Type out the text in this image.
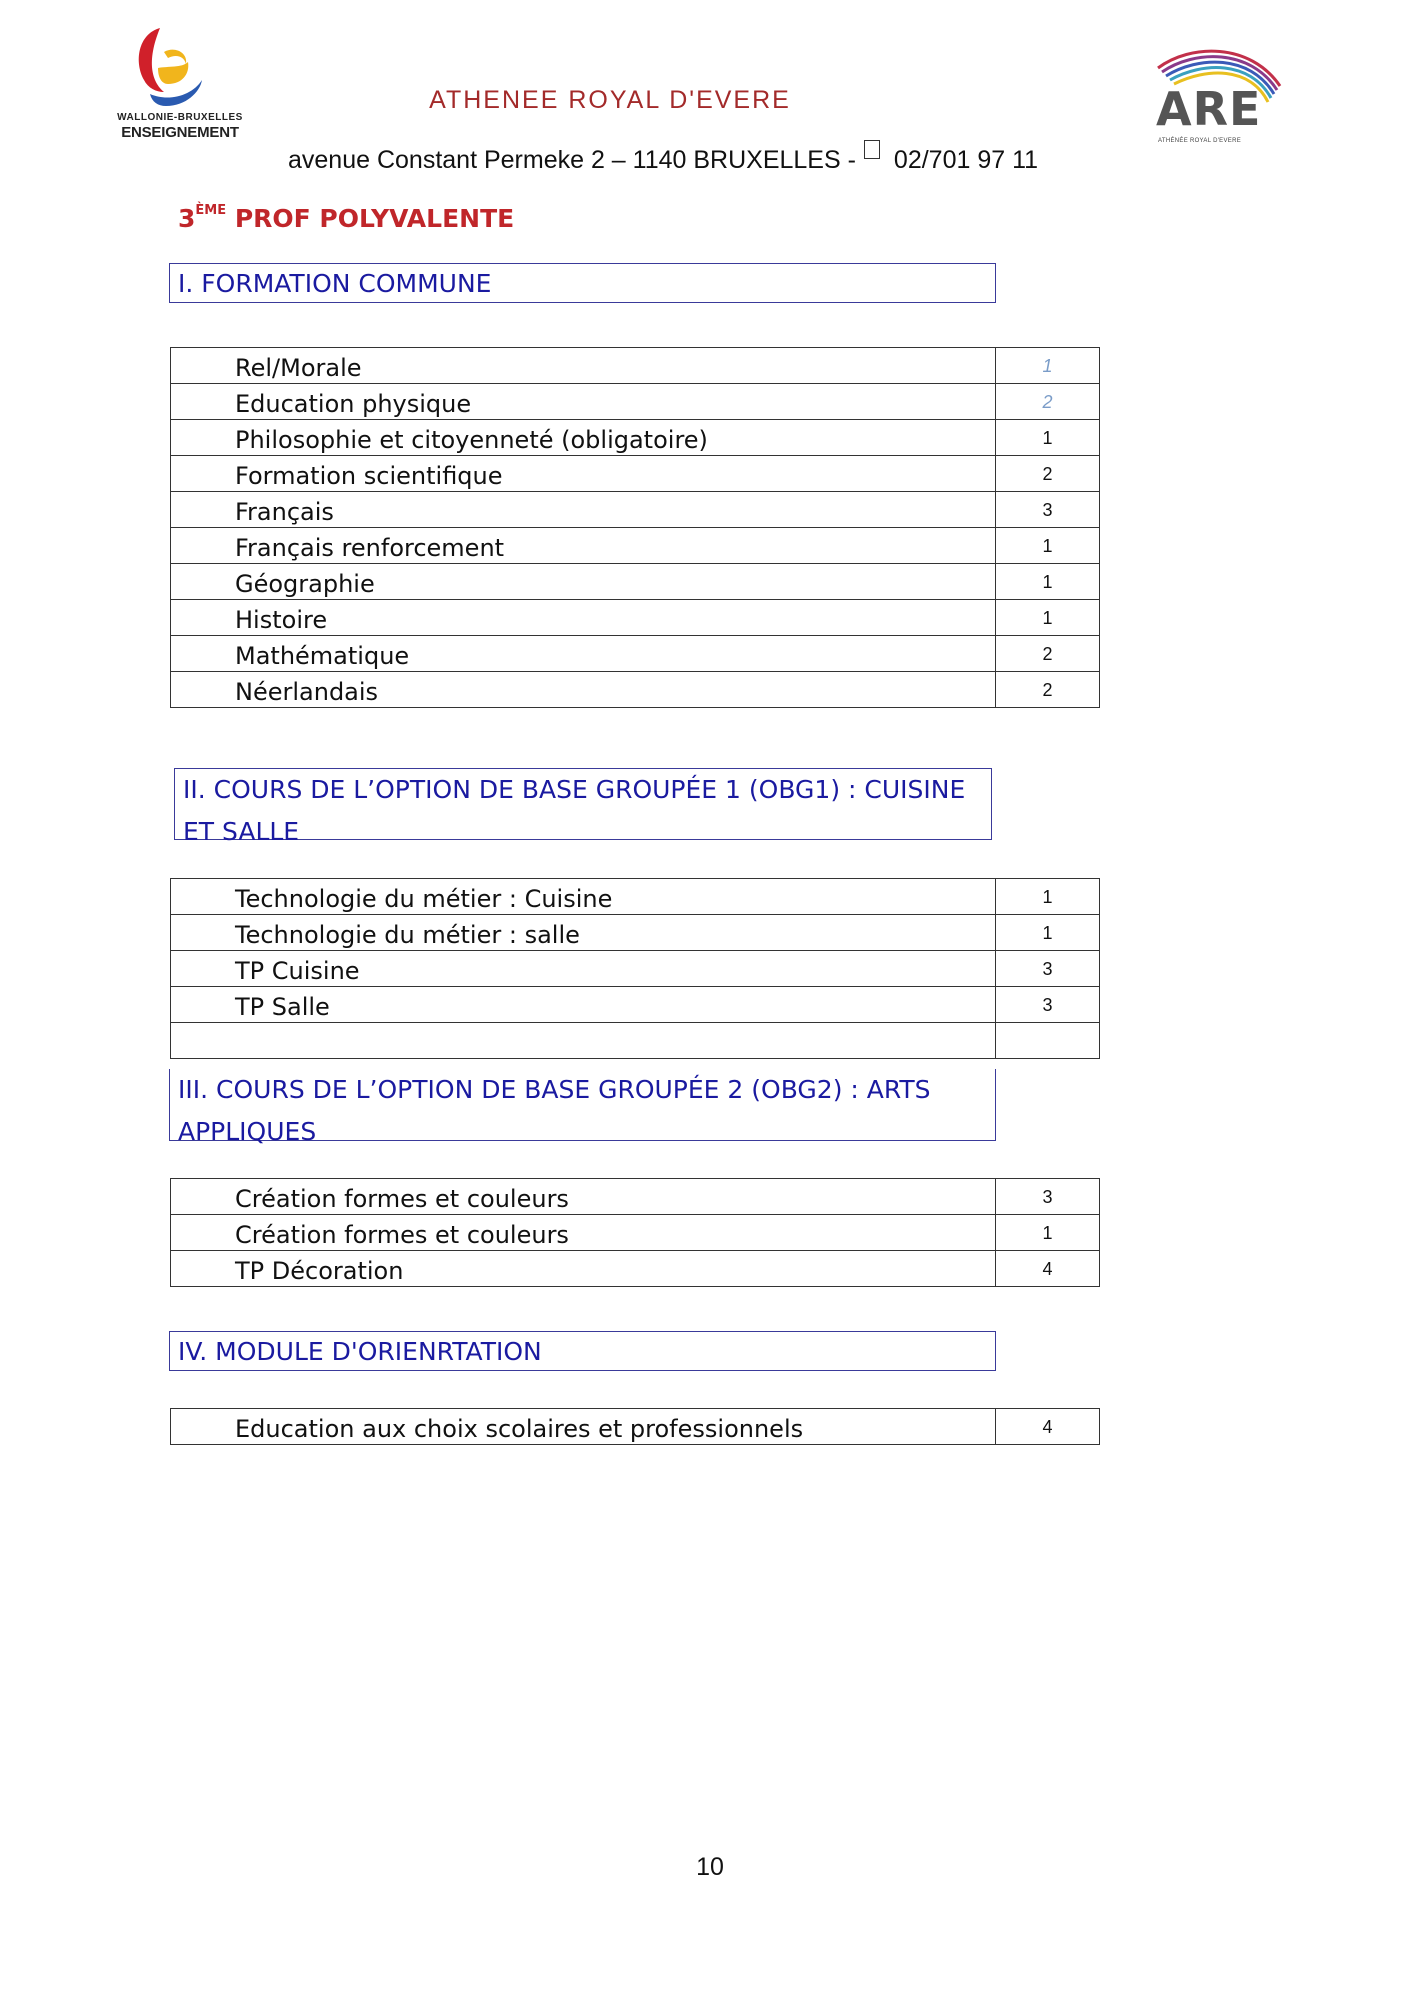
WALLONIE-BRUXELLES
ENSEIGNEMENT
ATHENEE ROYAL D'EVERE
avenue Constant Permeke 2 – 1140 BRUXELLES - 02/701 97 11
ARE
ATHÉNÉE ROYAL D'EVERE
3ÈME PROF POLYVALENTE
I. FORMATION COMMUNE
Rel/Morale	1
Education physique	2
Philosophie et citoyenneté (obligatoire)	1
Formation scientifique	2
Français	3
Français renforcement	1
Géographie	1
Histoire	1
Mathématique	2
Néerlandais	2
II. COURS DE L’OPTION DE BASE GROUPÉE 1 (OBG1) : CUISINE ET SALLE
Technologie du métier : Cuisine	1
Technologie du métier : salle	1
TP Cuisine	3
TP Salle	3

III. COURS DE L’OPTION DE BASE GROUPÉE 2 (OBG2) : ARTS APPLIQUES
Création formes et couleurs	3
Création formes et couleurs	1
TP Décoration	4
IV. MODULE D'ORIENRTATION
Education aux choix scolaires et professionnels	4
10
